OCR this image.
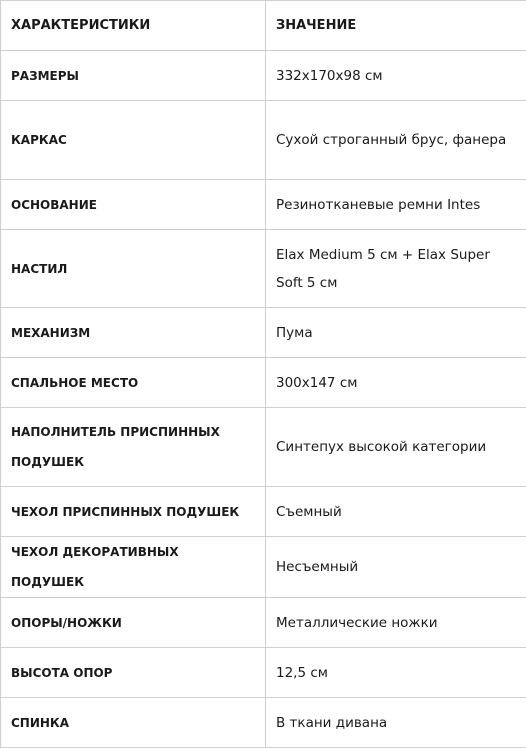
ХАРАКТЕРИСТИКИ	ЗНАЧЕНИЕ
РАЗМЕРЫ	332х170х98 см
КАРКАС	Сухой строганный брус, фанера
ОСНОВАНИЕ	Резинотканевые ремни Intes
НАСТИЛ	Elax Medium 5 см + Elax Super Soft 5 см
МЕХАНИЗМ	Пума
СПАЛЬНОЕ МЕСТО	300х147 см
НАПОЛНИТЕЛЬ ПРИСПИННЫХ ПОДУШЕК	Синтепух высокой категории
ЧЕХОЛ ПРИСПИННЫХ ПОДУШЕК	Съемный
ЧЕХОЛ ДЕКОРАТИВНЫХ ПОДУШЕК	Несъемный
ОПОРЫ/НОЖКИ	Металлические ножки
ВЫСОТА ОПОР	12,5 см
СПИНКА	В ткани дивана
